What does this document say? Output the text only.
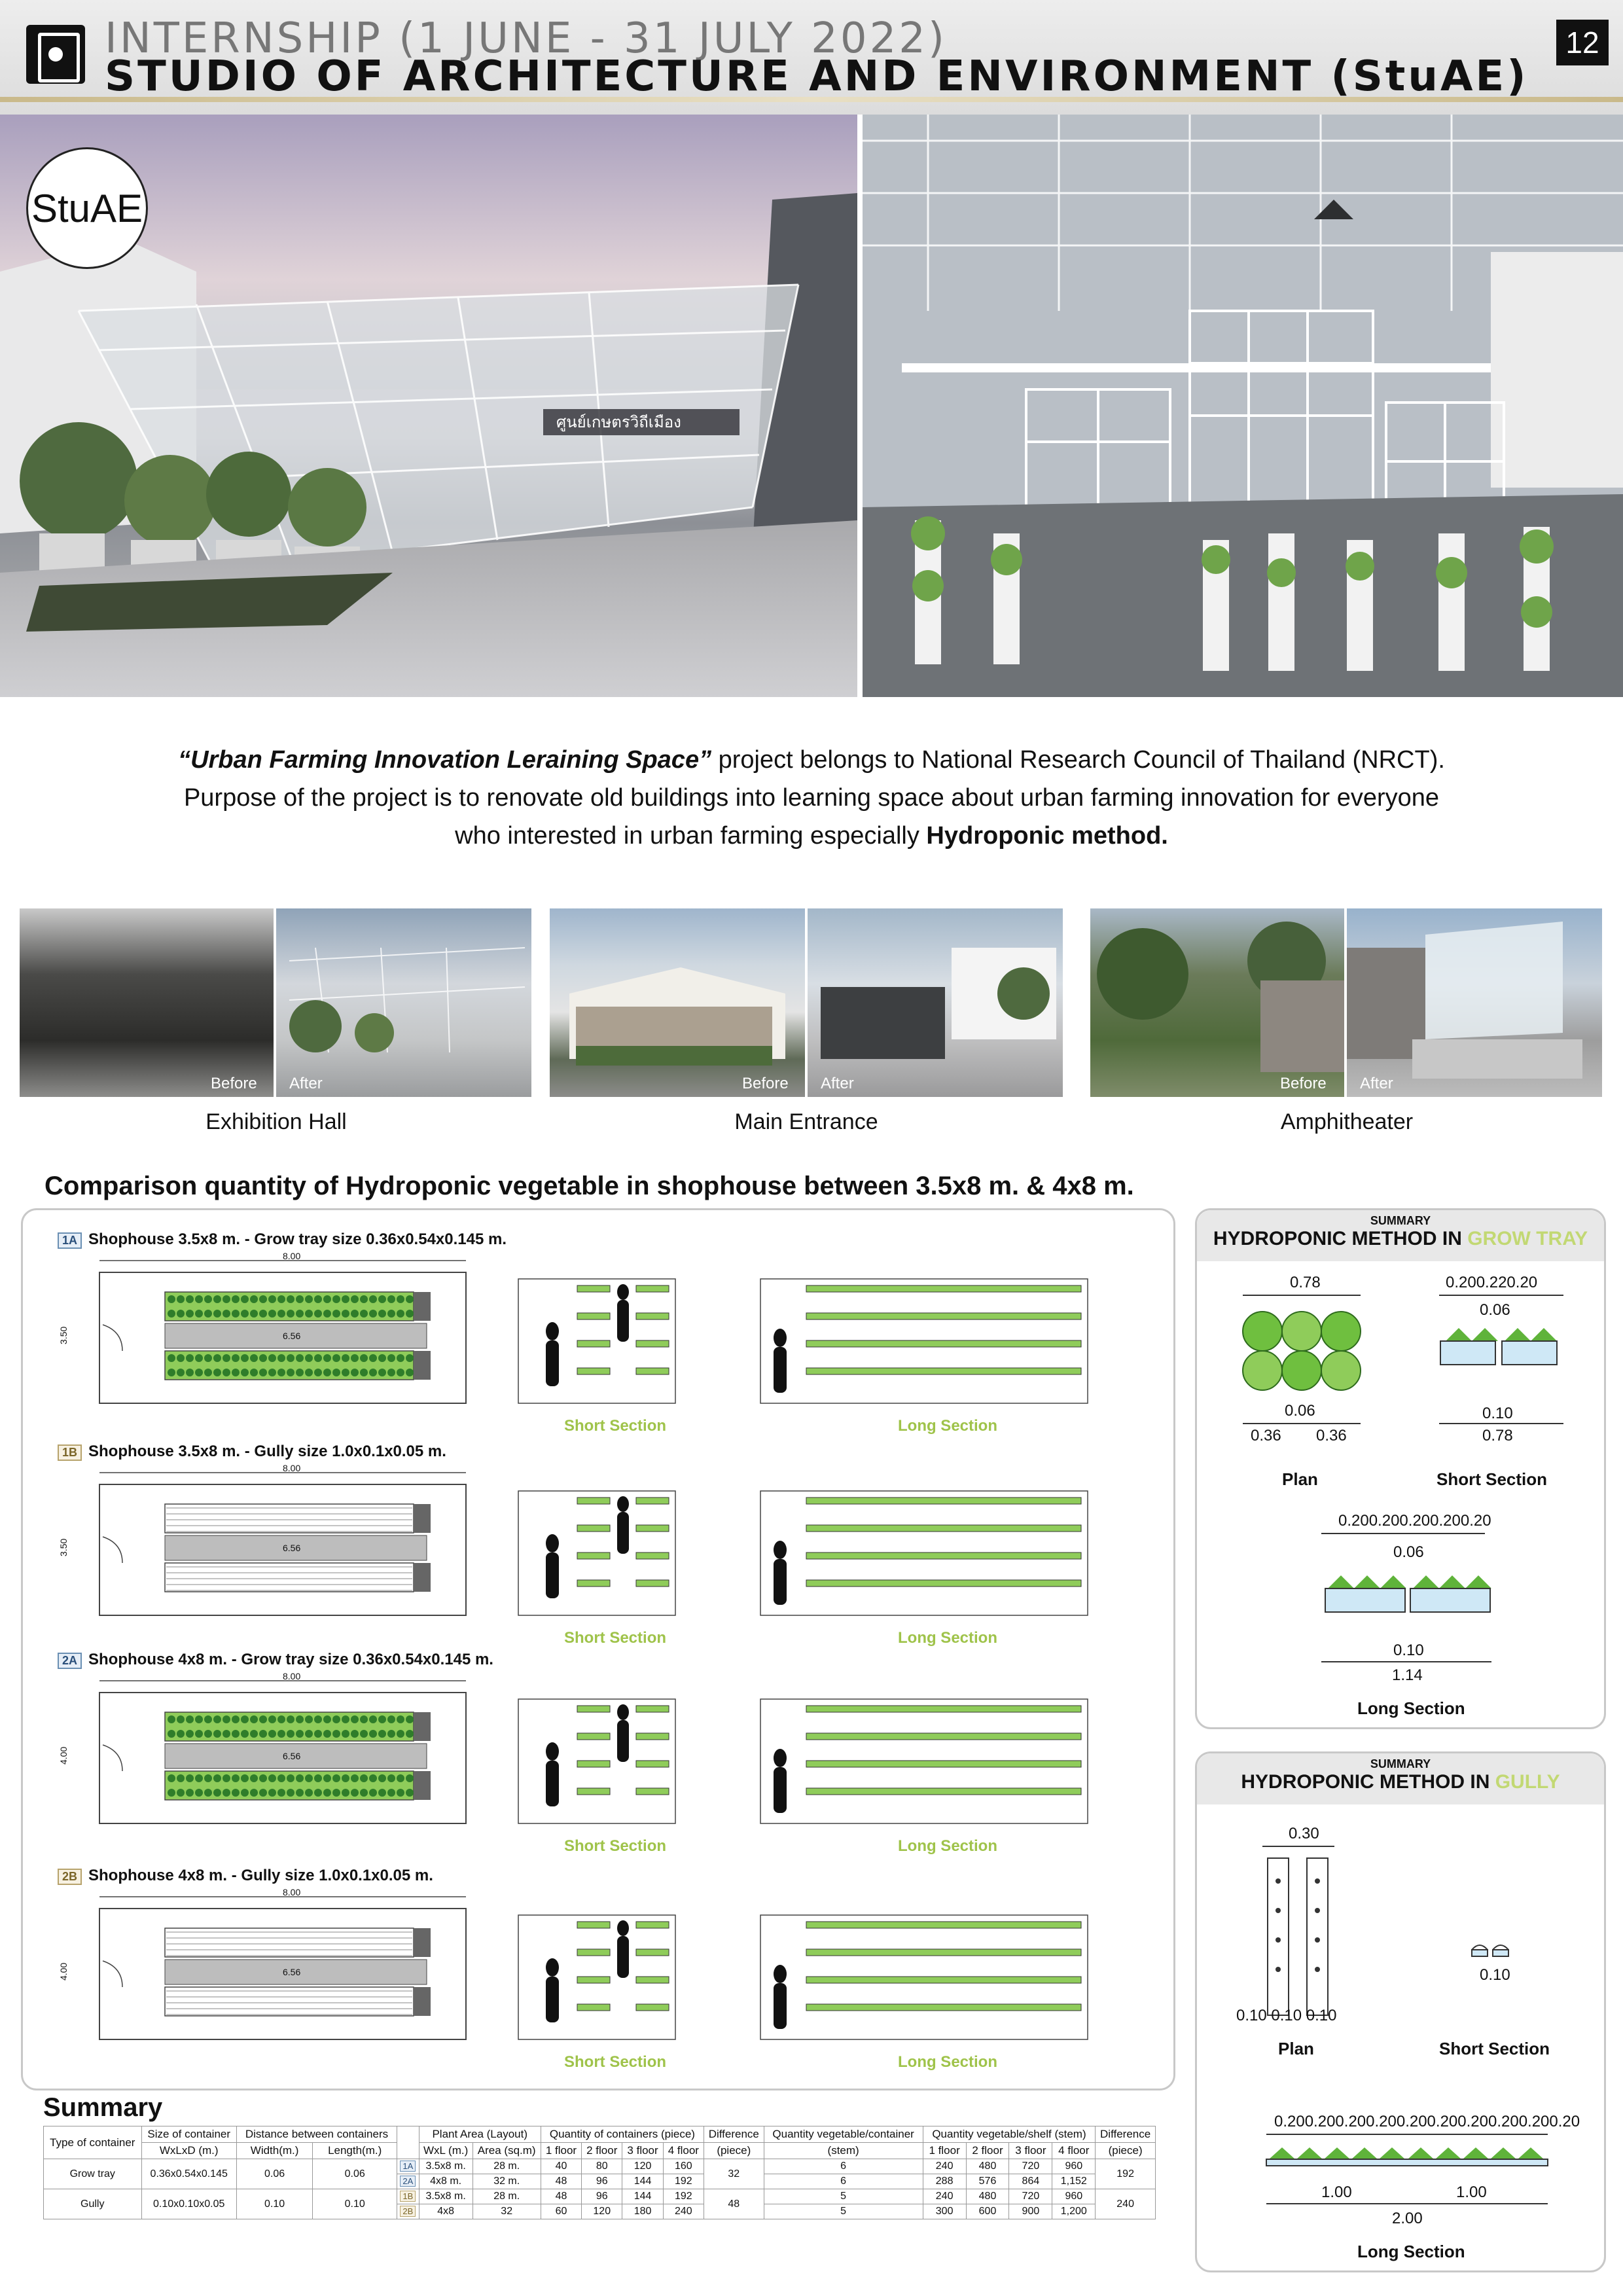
INTERNSHIP (1 JUNE - 31 JULY 2022)
STUDIO OF ARCHITECTURE AND ENVIRONMENT (StuAE)
12
ศูนย์เกษตรวิถีเมือง
StuAE
“Urban Farming Innovation Leraining Space” project belongs to National Research Council of Thailand (NRCT).
Purpose of the project is to renovate old buildings into learning space about urban farming innovation for everyone
who interested in urban farming especially Hydroponic method.
Before After
Exhibition Hall
Before After
Main Entrance
Before After
Amphitheater
Comparison quantity of Hydroponic vegetable in shophouse between 3.5x8 m. & 4x8 m.
1A Shophouse 3.5x8 m. - Grow tray size 0.36x0.54x0.145 m.
8.00
3.50	6.56
Short Section	Long Section
1B Shophouse 3.5x8 m. - Gully size 1.0x0.1x0.05 m.
8.00
3.50	6.56
Short Section	Long Section
2A Shophouse 4x8 m. - Grow tray size 0.36x0.54x0.145 m.
8.00
4.00	6.56
Short Section	Long Section
2B Shophouse 4x8 m. - Gully size 1.0x0.1x0.05 m.
8.00
4.00	6.56
Short Section	Long Section
SUMMARY
HYDROPONIC METHOD IN GROW TRAY
0.78
0.06
0.36 0.36
Plan
0.200.220.20
0.06
0.10
0.78
Short Section
0.200.200.200.200.20
0.06
0.10
1.14
Long Section
SUMMARY
HYDROPONIC METHOD IN GULLY
0.30
0.10 0.10 0.10
Plan
0.10
Short Section
0.200.200.200.200.200.200.200.200.200.20
1.00	1.00
2.00
Long Section
Summary
Type of container	Size of container	Distance between containers			Plant Area (Layout)		Quantity of containers (piece)				Difference	Quantity vegetable/container	Quantity vegetable/shelf (stem)				Difference
	WxLxD (m.)	Width(m.)	Length(m.)		WxL (m.)	Area (sq.m)	1 floor	2 floor	3 floor	4 floor	(piece)	(stem)	1 floor	2 floor	3 floor	4 floor	(piece)
Grow tray	0.36x0.54x0.145	0.06	0.06	1A	3.5x8 m.	28 m.	40	80	120	160	32	6	240	480	720	960	192
				2A	4x8 m.	32 m.	48	96	144	192		6	288	576	864	1,152	
Gully	0.10x0.10x0.05	0.10	0.10	1B	3.5x8 m.	28 m.	48	96	144	192	48	5	240	480	720	960	240
				2B	4x8	32	60	120	180	240		5	300	600	900	1,200	
